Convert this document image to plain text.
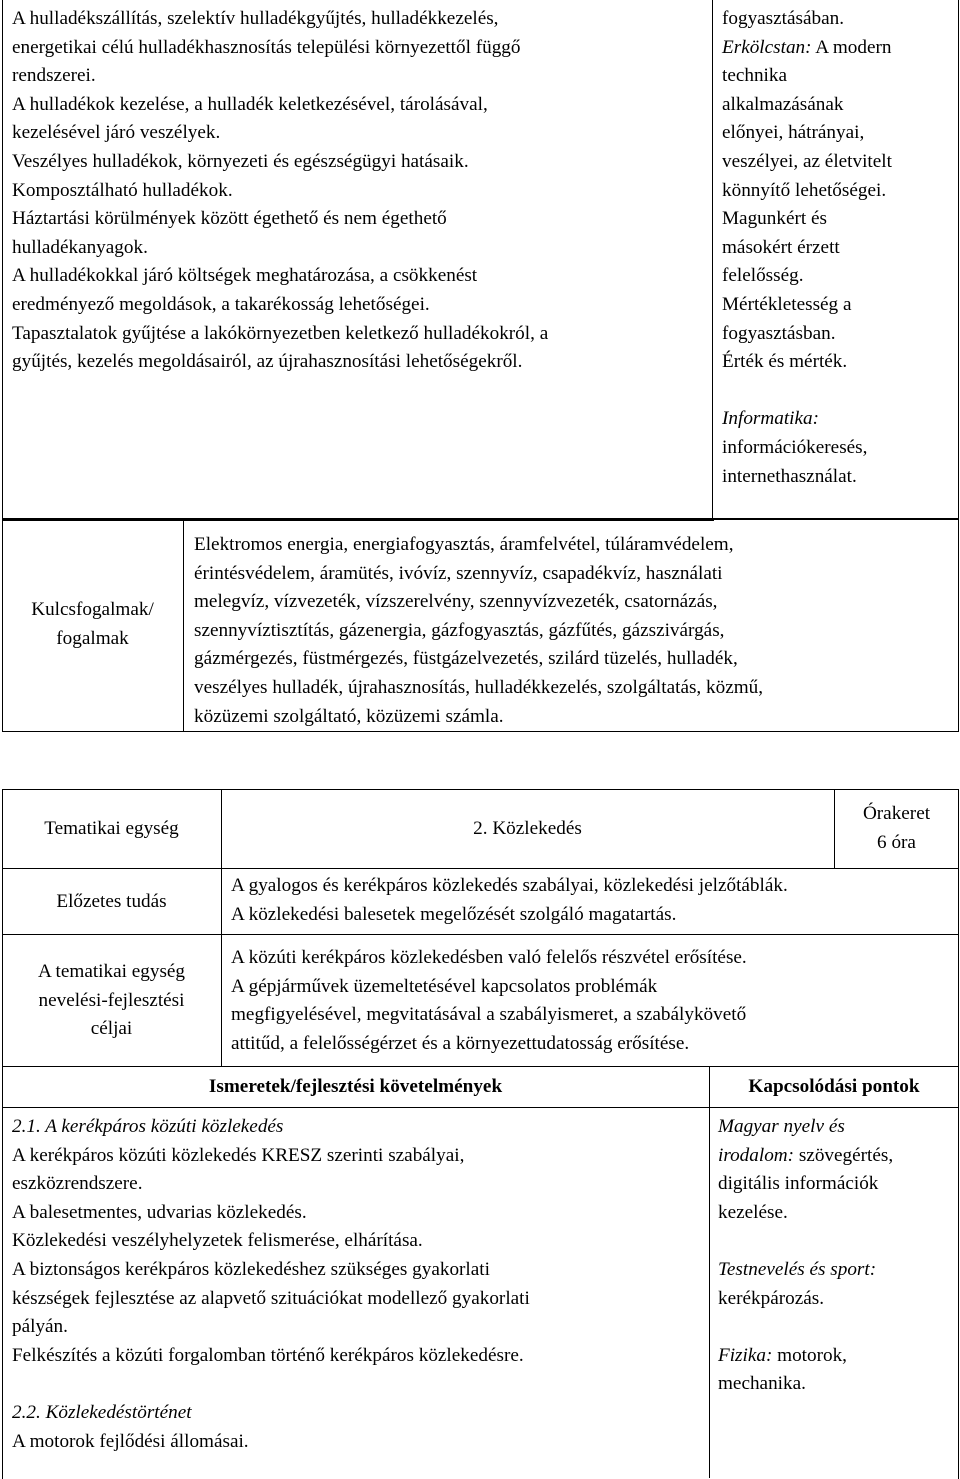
A hulladékszállítás, szelektív hulladékgyűjtés, hulladékkezelés,
energetikai célú hulladékhasznosítás települési környezettől függő
rendszerei.
A hulladékok kezelése, a hulladék keletkezésével, tárolásával,
kezelésével járó veszélyek.
Veszélyes hulladékok, környezeti és egészségügyi hatásaik.
Komposztálható hulladékok.
Háztartási körülmények között égethető és nem égethető
hulladékanyagok.
A hulladékokkal járó költségek meghatározása, a csökkenést
eredményező megoldások, a takarékosság lehetőségei.
Tapasztalatok gyűjtése a lakókörnyezetben keletkező hulladékokról, a
gyűjtés, kezelés megoldásairól, az újrahasznosítási lehetőségekről.
fogyasztásában.
Erkölcstan: A modern
technika
alkalmazásának
előnyei, hátrányai,
veszélyei, az életvitelt
könnyítő lehetőségei.
Magunkért és
másokért érzett
felelősség.
Mértékletesség a
fogyasztásban.
Érték és mérték.

Informatika:
információkeresés,
internethasználat.
Kulcsfogalmak/
fogalmak
Elektromos energia, energiafogyasztás, áramfelvétel, túláramvédelem,
érintésvédelem, áramütés, ivóvíz, szennyvíz, csapadékvíz, használati
melegvíz, vízvezeték, vízszerelvény, szennyvízvezeték, csatornázás,
szennyvíztisztítás, gázenergia, gázfogyasztás, gázfűtés, gázszivárgás,
gázmérgezés, füstmérgezés, füstgázelvezetés, szilárd tüzelés, hulladék,
veszélyes hulladék, újrahasznosítás, hulladékkezelés, szolgáltatás, közmű,
közüzemi szolgáltató, közüzemi számla.
Tematikai egység	2. Közlekedés
Órakeret
6 óra
Előzetes tudás
A gyalogos és kerékpáros közlekedés szabályai, közlekedési jelzőtáblák.
A közlekedési balesetek megelőzését szolgáló magatartás.
A tematikai egység
nevelési-fejlesztési
céljai
A közúti kerékpáros közlekedésben való felelős részvétel erősítése.
A gépjárművek üzemeltetésével kapcsolatos problémák
megfigyelésével, megvitatásával a szabályismeret, a szabálykövető
attitűd, a felelősségérzet és a környezettudatosság erősítése.
Ismeretek/fejlesztési követelmények	Kapcsolódási pontok
2.1. A kerékpáros közúti közlekedés
A kerékpáros közúti közlekedés KRESZ szerinti szabályai,
eszközrendszere.
A balesetmentes, udvarias közlekedés.
Közlekedési veszélyhelyzetek felismerése, elhárítása.
A biztonságos kerékpáros közlekedéshez szükséges gyakorlati
készségek fejlesztése az alapvető szituációkat modellező gyakorlati
pályán.
Felkészítés a közúti forgalomban történő kerékpáros közlekedésre.

2.2. Közlekedéstörténet
A motorok fejlődési állomásai.
Magyar nyelv és
irodalom: szövegértés,
digitális információk
kezelése.

Testnevelés és sport:
kerékpározás.

Fizika: motorok,
mechanika.
